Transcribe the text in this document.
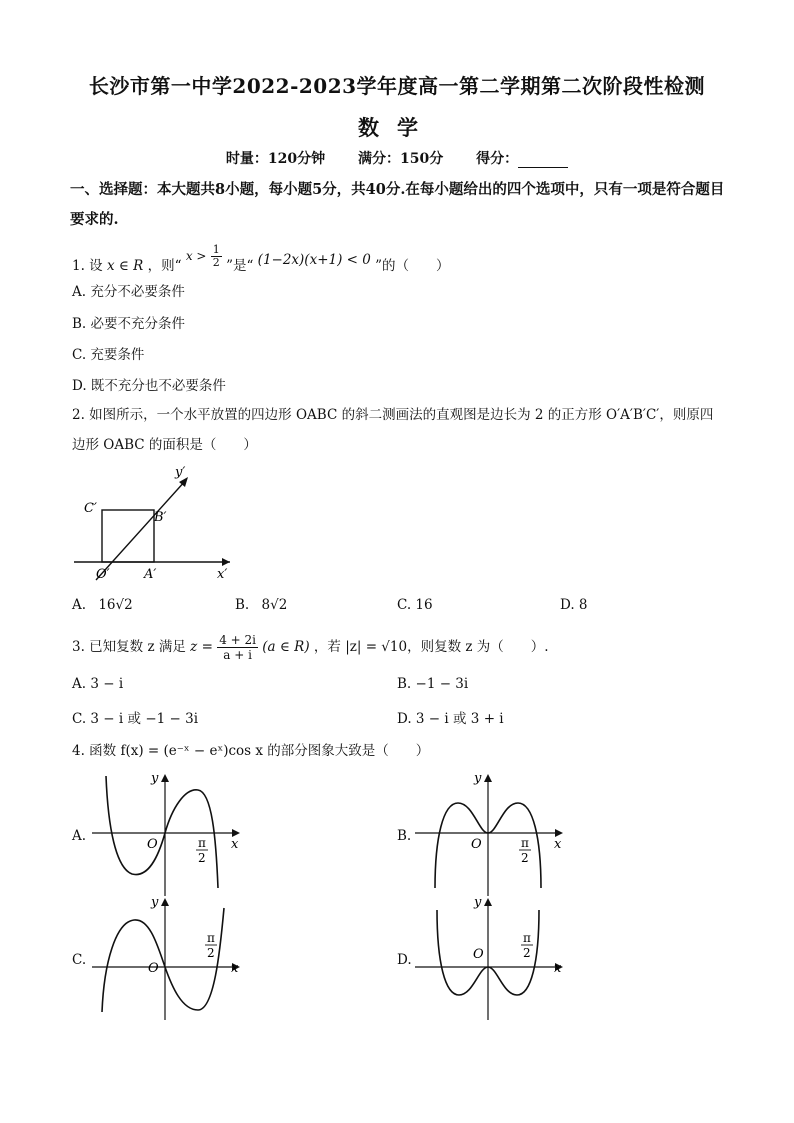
长沙市第一中学2022-2023学年度高一第二学期第二次阶段性检测
数学
时量：120分钟 满分：150分 得分：
一、选择题：本大题共8小题，每小题5分，共40分.在每小题给出的四个选项中，只有一项是符合题目要求的.
1. 设 x ∈ R ，则“ $x > \frac{1}{2}$ ”是“ (1−2x)(x+1) < 0 ”的（　　）
A. 充分不必要条件
B. 必要不充分条件
C. 充要条件
D. 既不充分也不必要条件
2. 如图所示，一个水平放置的四边形 OABC 的斜二测画法的直观图是边长为 2 的正方形 O′A′B′C′，则原四
边形 OABC 的面积是（　　）
C′
B′
O′	A′	x′
y′
A. 16√2	B. 8√2	C. 16	D. 8
3. 已知复数 z 满足 $z = \frac{4 + 2i}{a + i} (a$ ∈ R) ，若 |z| = √10，则复数 z 为（　　）.
A. 3 − i	B. −1 − 3i
C. 3 − i 或 −1 − 3i	D. 3 − i 或 3 + i
4. 函数 f(x) = (e⁻ˣ − eˣ)cos x 的部分图象大致是（　　）
A.
y
x
O	π
2
B.
y
x
O	π
2
C.
y
x
O
π
2	D.
y
x
O
π
2
